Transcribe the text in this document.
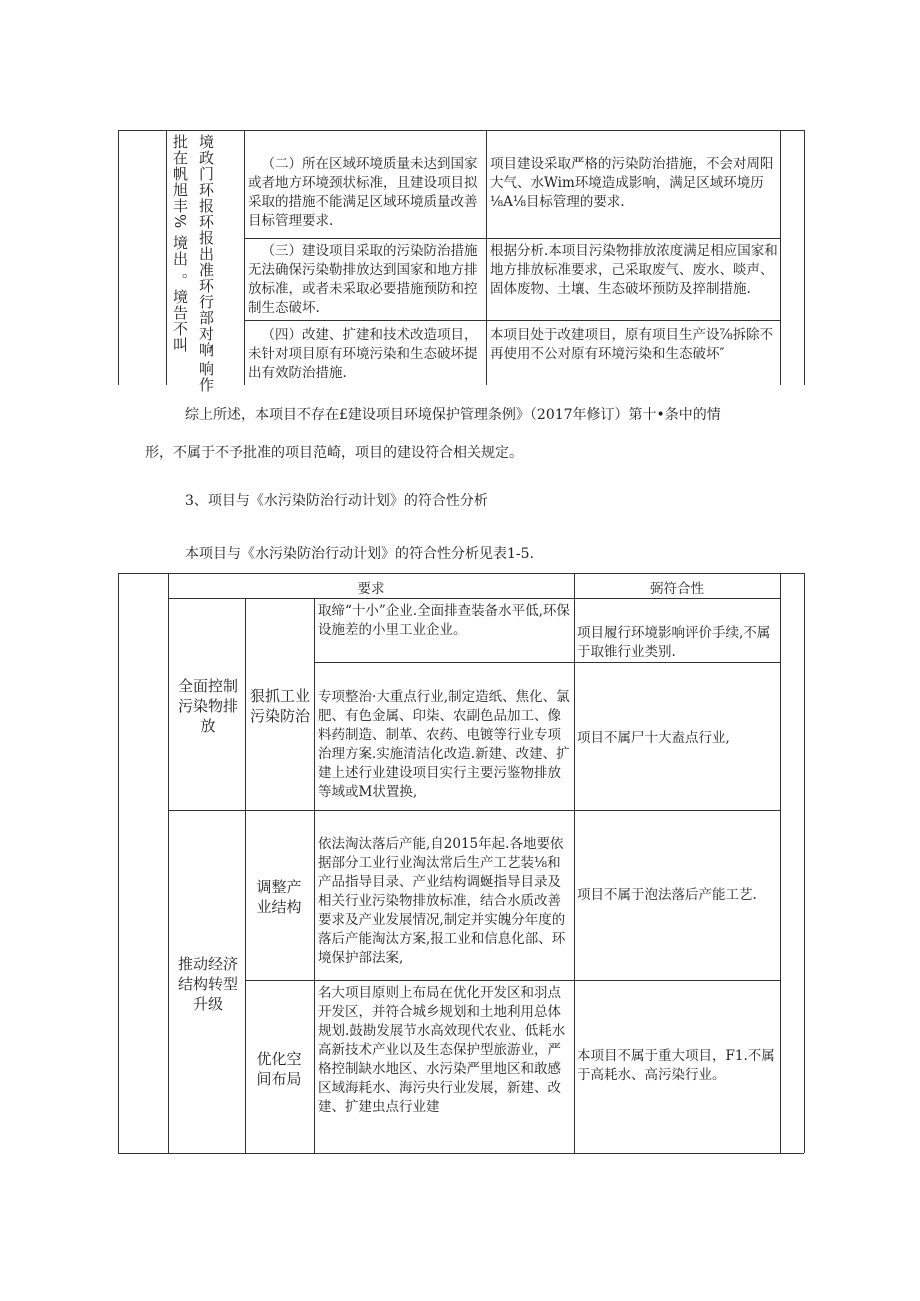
批在帆旭丰% 境出 。境告不叫 境政门环报环报出准环行部对响
，响作
（二）所在区域环境质量未达到国家或者地方环境颈状标准，且建设项目拟采取的措施不能满足区域环境质量改善目标管理要求.
项目建设采取严格的污染防治措施，不会对周阳大气、水Wim环境造成影响，满足区域环境历⅛A⅛目标管理的要求.
（三）建设项目采取的污染防治措施无法确保污染勒排放达到国家和地方排放标准，或者未采取必要措施预防和控制生态破坏.
根据分析.本项目污染物排放浓度满足相应国家和地方排放标准要求，己采取废气、废水、啖声、固体废物、土壤、生态破坏预防及捽制措施.
（四）改建、扩建和技术改造项目，未针对项目原有环境污染和生态破坏提出有效防治措施.
本项目处于改建项目，原有项目生产设⅞拆除不再使用不公对原有环境污染和生态破坏″
综上所述，本项目不存在£建设项目环境保护管理条例》（2017年修订）第十•条中的情
形，不属于不予批准的项目范崎，项目的建设符合相关规定。
3、项目与《水污染防治行动计划》的符合性分析
本项目与《水污染防治行动计划》的符合性分析见表1-5.
要求	弼符合性
全面控制污染物排放
狠抓工业污染防治
取缔“十小”企业.全面排查装备水平低,环保设施差的小里工业企业。	项目履行环境影响评价手续,不属于取锥行业类别.
专项整治·大重点行业,制定造纸、焦化、氯肥、有色金属、印柒、农副色品加工、像料药制造、制革、农药、电镀等行业专项治理方案.实施清洁化改造.新建、改建、扩建上述行业建设项目实行主要污鉴物排放等域或M状置换,
项目不属尸十大盍点行业,
推动经济结构转型升级
调整产业结构
依法淘汰落后产能,自2015年起.各地要依据部分工业行业淘汰常后生产工艺装⅛和产品指导目录、产业结构调蜒指导目录及相关行业污染物排放标准，结合水质改善要求及产业发展情况,制定并实魄分年度的落后产能淘汰方案,报工业和信息化部、环境保护部法案,
项目不属于泡法落后产能工艺.
优化空间布局
名大项目原则上布局在优化开发区和羽点开发区，并符合城乡规划和土地利用总体规划.鼓勘发展节水高效现代农业、低耗水高新技术产业以及生态保护型旅游业，严格控制缺水地区、水污染严里地区和敢感区域海耗水、海污央行业发展，新建、改建、扩建虫点行业建
本项目不属于重大项目，F1.不属于高耗水、高污染行业。
